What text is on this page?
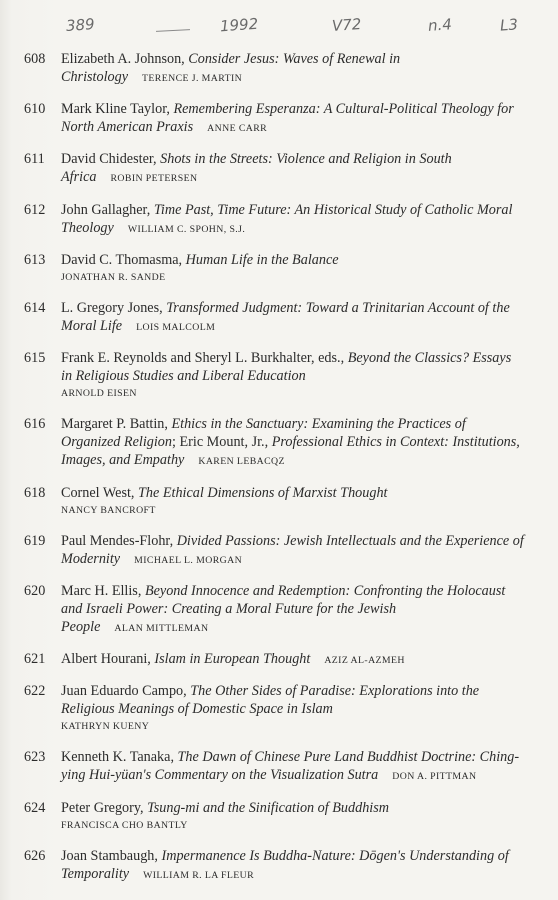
389	1992	V72	n.4	L3
608	Elizabeth A. Johnson, Consider Jesus: Waves of Renewal in Christology TERENCE J. MARTIN
610	Mark Kline Taylor, Remembering Esperanza: A Cultural-Political Theology for North American Praxis ANNE CARR
611	David Chidester, Shots in the Streets: Violence and Religion in South Africa ROBIN PETERSEN
612	John Gallagher, Time Past, Time Future: An Historical Study of Catholic Moral Theology WILLIAM C. SPOHN, S.J.
613	David C. Thomasma, Human Life in the Balance
JONATHAN R. SANDE
614	L. Gregory Jones, Transformed Judgment: Toward a Trinitarian Account of the Moral Life LOIS MALCOLM
615	Frank E. Reynolds and Sheryl L. Burkhalter, eds., Beyond the Classics? Essays in Religious Studies and Liberal Education
ARNOLD EISEN
616	Margaret P. Battin, Ethics in the Sanctuary: Examining the Practices of Organized Religion; Eric Mount, Jr., Professional Ethics in Context: Institutions, Images, and Empathy KAREN LEBACQZ
618	Cornel West, The Ethical Dimensions of Marxist Thought
NANCY BANCROFT
619	Paul Mendes-Flohr, Divided Passions: Jewish Intellectuals and the Experience of Modernity MICHAEL L. MORGAN
620	Marc H. Ellis, Beyond Innocence and Redemption: Confronting the Holocaust and Israeli Power: Creating a Moral Future for the Jewish People ALAN MITTLEMAN
621	Albert Hourani, Islam in European Thought AZIZ AL-AZMEH
622	Juan Eduardo Campo, The Other Sides of Paradise: Explorations into the Religious Meanings of Domestic Space in Islam
KATHRYN KUENY
623	Kenneth K. Tanaka, The Dawn of Chinese Pure Land Buddhist Doctrine: Ching-ying Hui-yüan's Commentary on the Visualization Sutra DON A. PITTMAN
624	Peter Gregory, Tsung-mi and the Sinification of Buddhism
FRANCISCA CHO BANTLY
626	Joan Stambaugh, Impermanence Is Buddha-Nature: Dōgen's Understanding of Temporality WILLIAM R. LA FLEUR
